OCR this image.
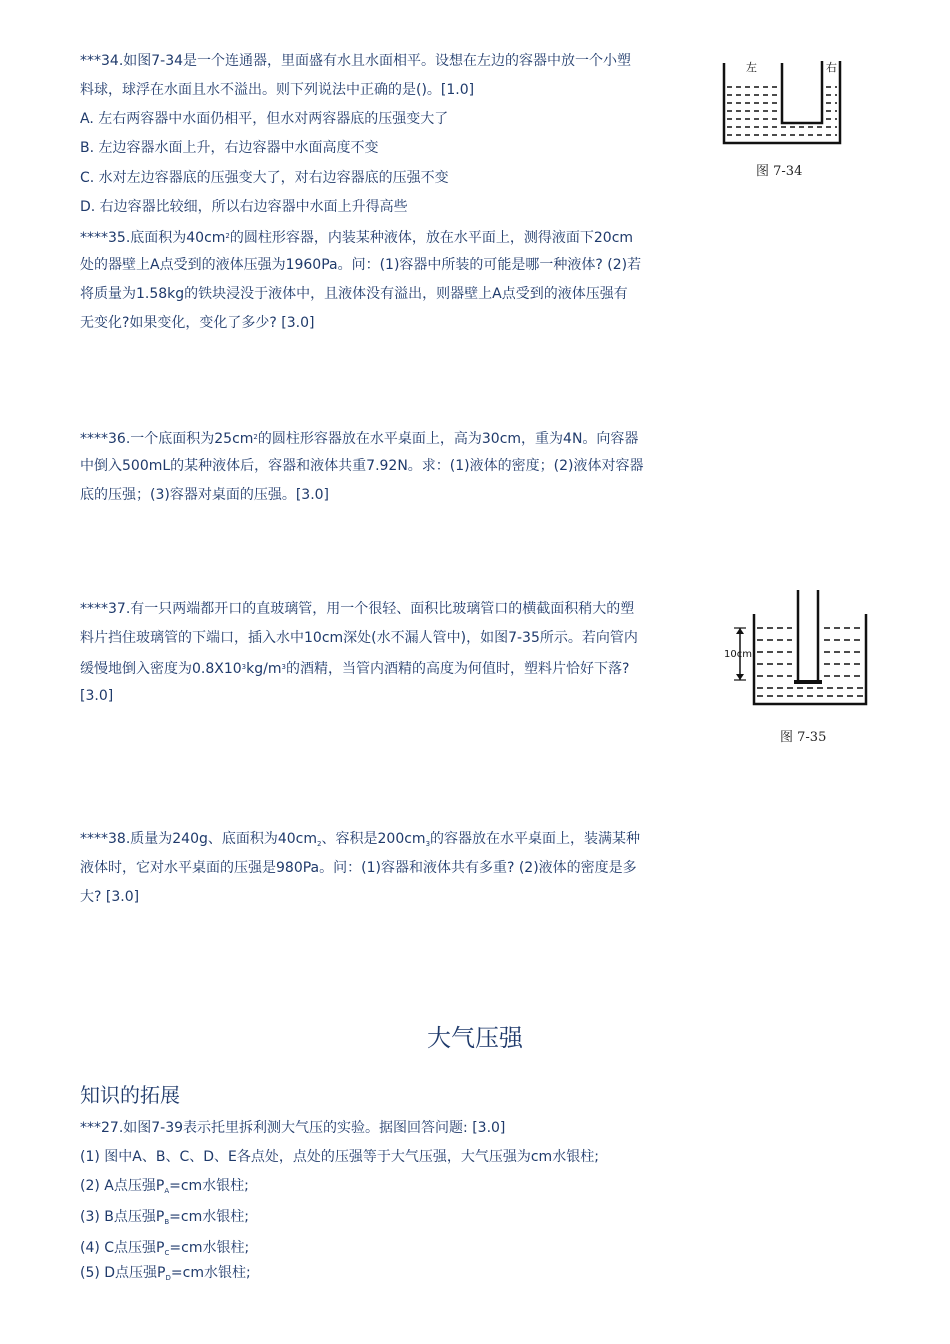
***34.如图7-34是一个连通器，里面盛有水且水面相平。设想在左边的容器中放一个小塑
料球，球浮在水面且水不溢出。则下列说法中正确的是()。[1.0]
A. 左右两容器中水面仍相平，但水对两容器底的压强变大了
B. 左边容器水面上升，右边容器中水面高度不变
C. 水对左边容器底的压强变大了，对右边容器底的压强不变
D. 右边容器比较细，所以右边容器中水面上升得高些
左	右
图 7-34
****35.底面积为$40cm^2$的圆柱形容器，内装某种液体，放在水平面上，测得液面下20cm
处的器壁上A点受到的液体压强为1960Pa。问：(1)容器中所装的可能是哪一种液体? (2)若
将质量为1.58kg的铁块浸没于液体中，且液体没有溢出，则器壁上A点受到的液体压强有
无变化?如果变化，变化了多少? [3.0]
****36.一个底面积为$25cm^2$的圆柱形容器放在水平桌面上，高为30cm，重为4N。向容器
中倒入500mL的某种液体后，容器和液体共重7.92N。求：(1)液体的密度；(2)液体对容器
底的压强；(3)容器对桌面的压强。[3.0]
****37.有一只两端都开口的直玻璃管，用一个很轻、面积比玻璃管口的横截面积稍大的塑
料片挡住玻璃管的下端口，插入水中10cm深处(水不漏人管中)，如图7-35所示。若向管内
缓慢地倒入密度为$0.8X10^3kg/m^3$的酒精，当管内酒精的高度为何值时，塑料片恰好下落?
[3.0]
10cm
图 7-35
****38.质量为240g、底面积为$40cm_2$、容积是$200cm_3$的容器放在水平桌面上，装满某种
液体时，它对水平桌面的压强是980Pa。问：(1)容器和液体共有多重? (2)液体的密度是多
大? [3.0]
大气压强
知识的拓展
***27.如图7-39表示托里拆利测大气压的实验。据图回答问题: [3.0]
(1) 图中A、B、C、D、E各点处，点处的压强等于大气压强，大气压强为cm水银柱;
(2) A点压强$P_A=cm$水银柱;
(3) B点压强$P_B=cm$水银柱;
(4) C点压强$P_C=cm$水银柱;
(5) D点压强$P_D=cm$水银柱;
